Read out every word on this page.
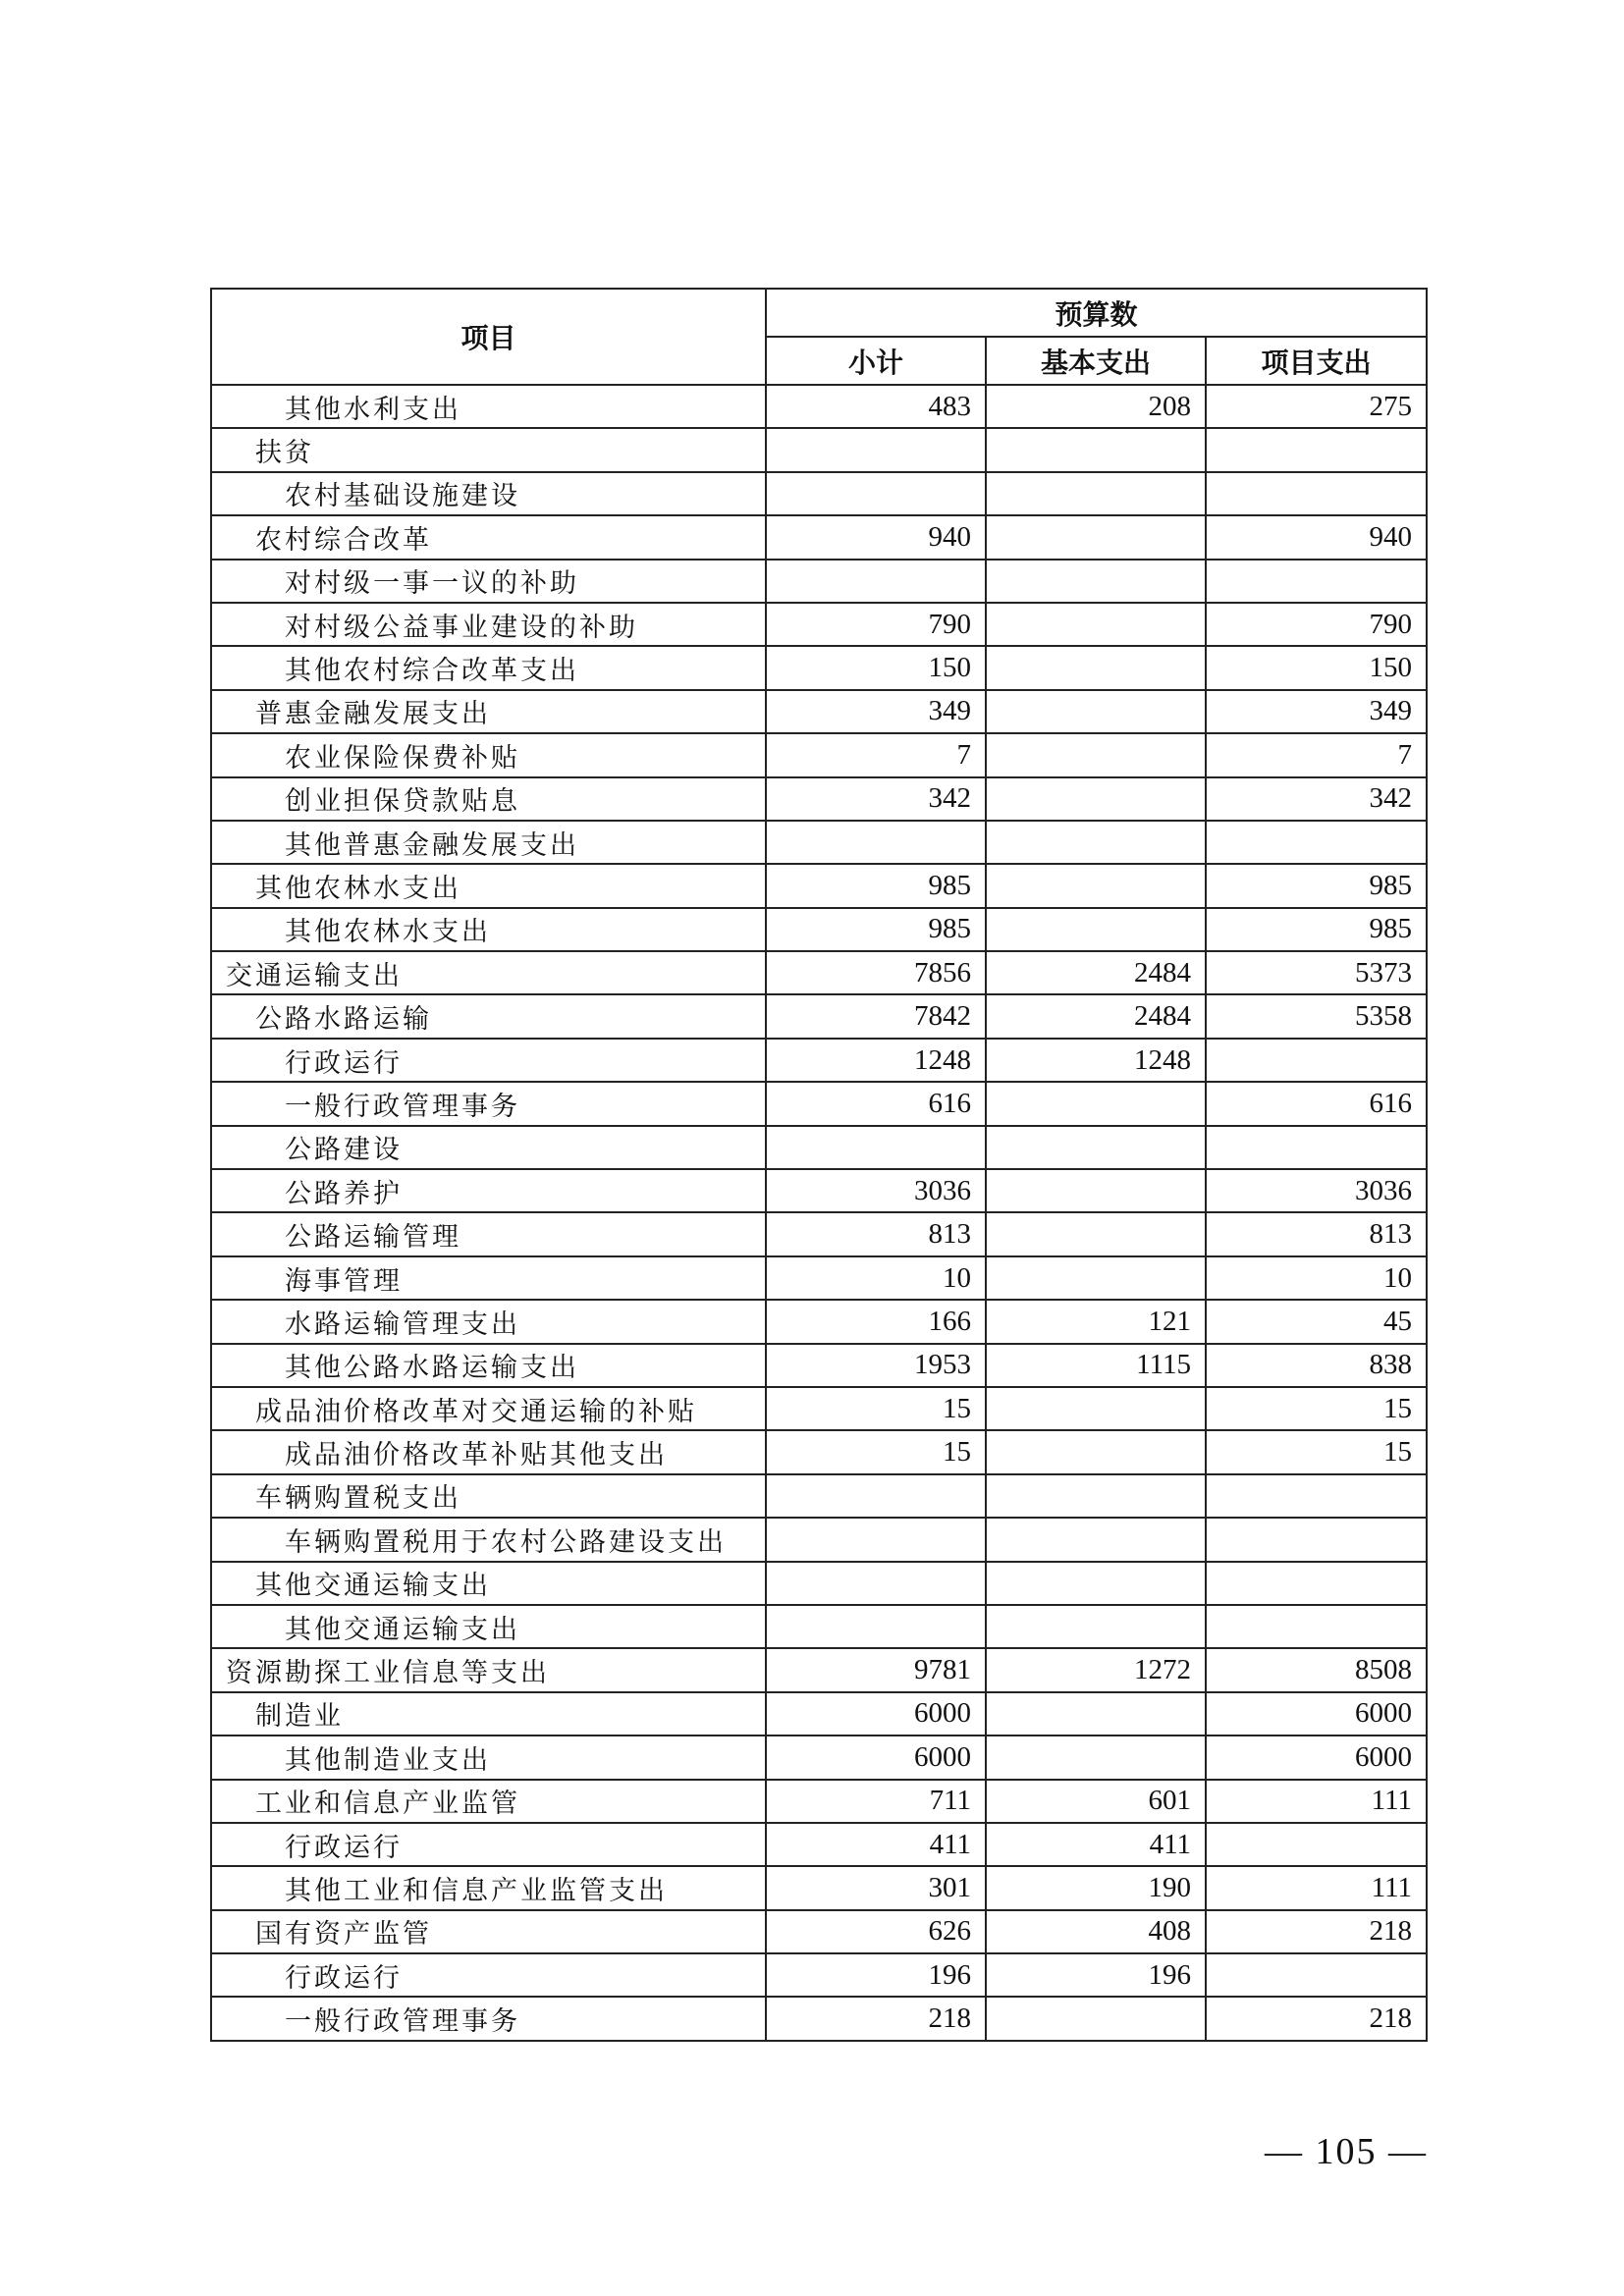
项目	预算数		
	小计	基本支出	项目支出
其他水利支出	483	208	275
扶贫			
农村基础设施建设			
农村综合改革	940		940
对村级一事一议的补助			
对村级公益事业建设的补助	790		790
其他农村综合改革支出	150		150
普惠金融发展支出	349		349
农业保险保费补贴	7		7
创业担保贷款贴息	342		342
其他普惠金融发展支出			
其他农林水支出	985		985
其他农林水支出	985		985
交通运输支出	7856	2484	5373
公路水路运输	7842	2484	5358
行政运行	1248	1248	
一般行政管理事务	616		616
公路建设			
公路养护	3036		3036
公路运输管理	813		813
海事管理	10		10
水路运输管理支出	166	121	45
其他公路水路运输支出	1953	1115	838
成品油价格改革对交通运输的补贴	15		15
成品油价格改革补贴其他支出	15		15
车辆购置税支出			
车辆购置税用于农村公路建设支出			
其他交通运输支出			
其他交通运输支出			
资源勘探工业信息等支出	9781	1272	8508
制造业	6000		6000
其他制造业支出	6000		6000
工业和信息产业监管	711	601	111
行政运行	411	411	
其他工业和信息产业监管支出	301	190	111
国有资产监管	626	408	218
行政运行	196	196	
一般行政管理事务	218		218
— 105 —
